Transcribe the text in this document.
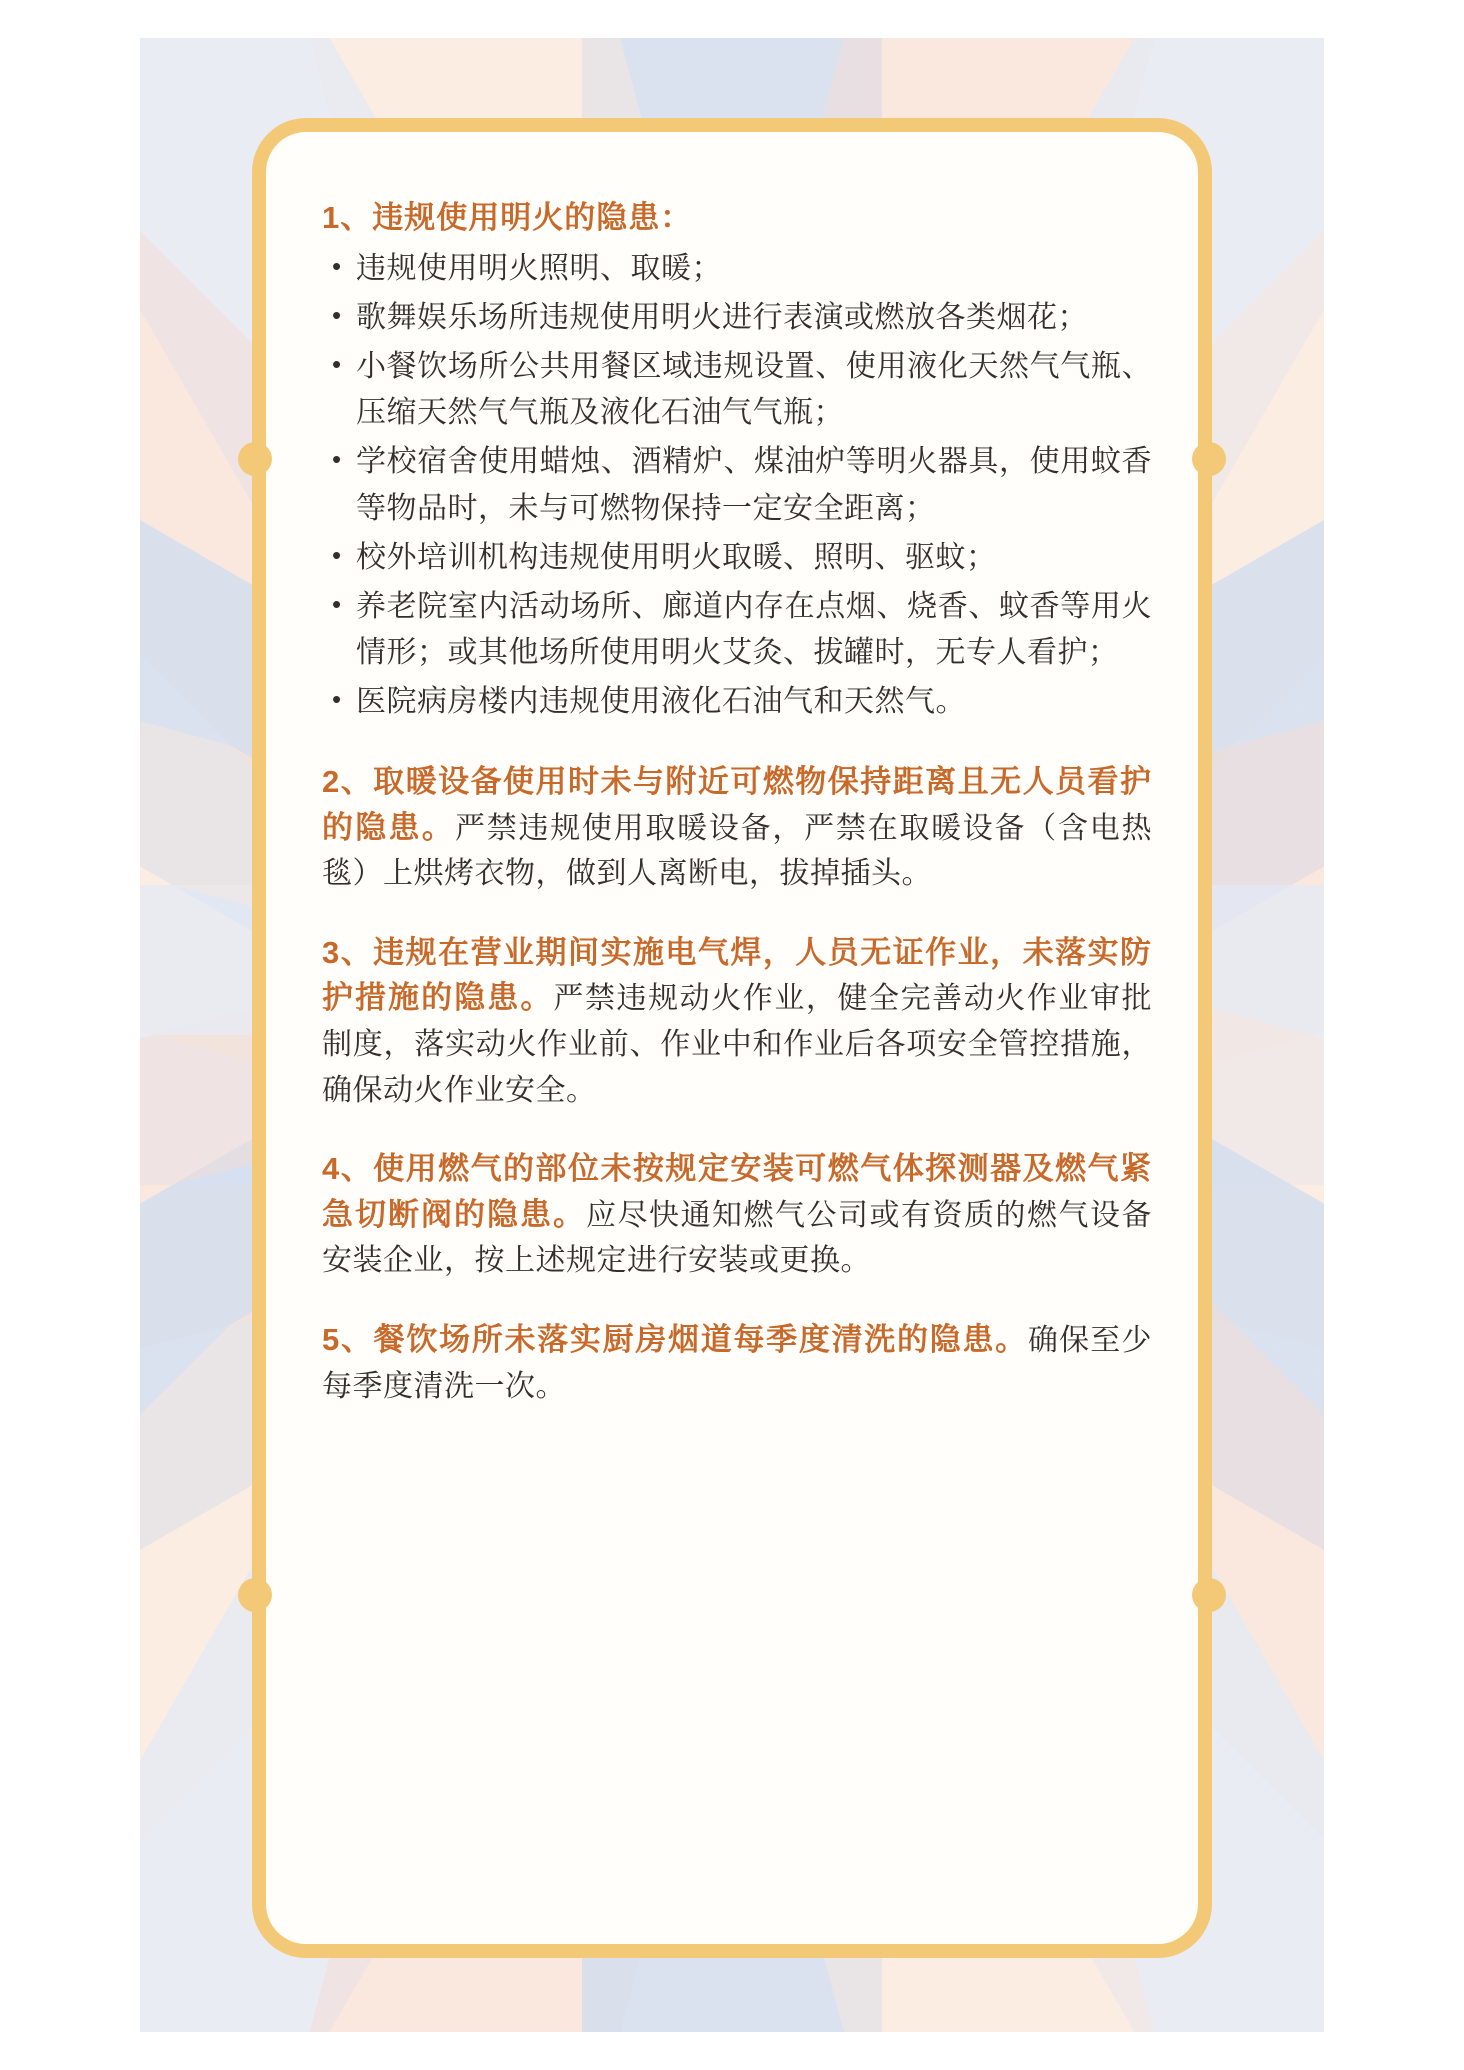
1、违规使用明火的隐患：

• 违规使用明火照明、取暖；
• 歌舞娱乐场所违规使用明火进行表演或燃放各类烟花；
• 小餐饮场所公共用餐区域违规设置、使用液化天然气气瓶、压缩天然气气瓶及液化石油气气瓶；
• 学校宿舍使用蜡烛、酒精炉、煤油炉等明火器具，使用蚊香等物品时，未与可燃物保持一定安全距离；
• 校外培训机构违规使用明火取暖、照明、驱蚊；
• 养老院室内活动场所、廊道内存在点烟、烧香、蚊香等用火情形；或其他场所使用明火艾灸、拔罐时，无专人看护；
• 医院病房楼内违规使用液化石油气和天然气。

2、取暖设备使用时未与附近可燃物保持距离且无人员看护的隐患。严禁违规使用取暖设备，严禁在取暖设备（含电热毯）上烘烤衣物，做到人离断电，拔掉插头。

3、违规在营业期间实施电气焊，人员无证作业，未落实防护措施的隐患。严禁违规动火作业，健全完善动火作业审批制度，落实动火作业前、作业中和作业后各项安全管控措施，确保动火作业安全。

4、使用燃气的部位未按规定安装可燃气体探测器及燃气紧急切断阀的隐患。应尽快通知燃气公司或有资质的燃气设备安装企业，按上述规定进行安装或更换。

5、餐饮场所未落实厨房烟道每季度清洗的隐患。确保至少每季度清洗一次。
